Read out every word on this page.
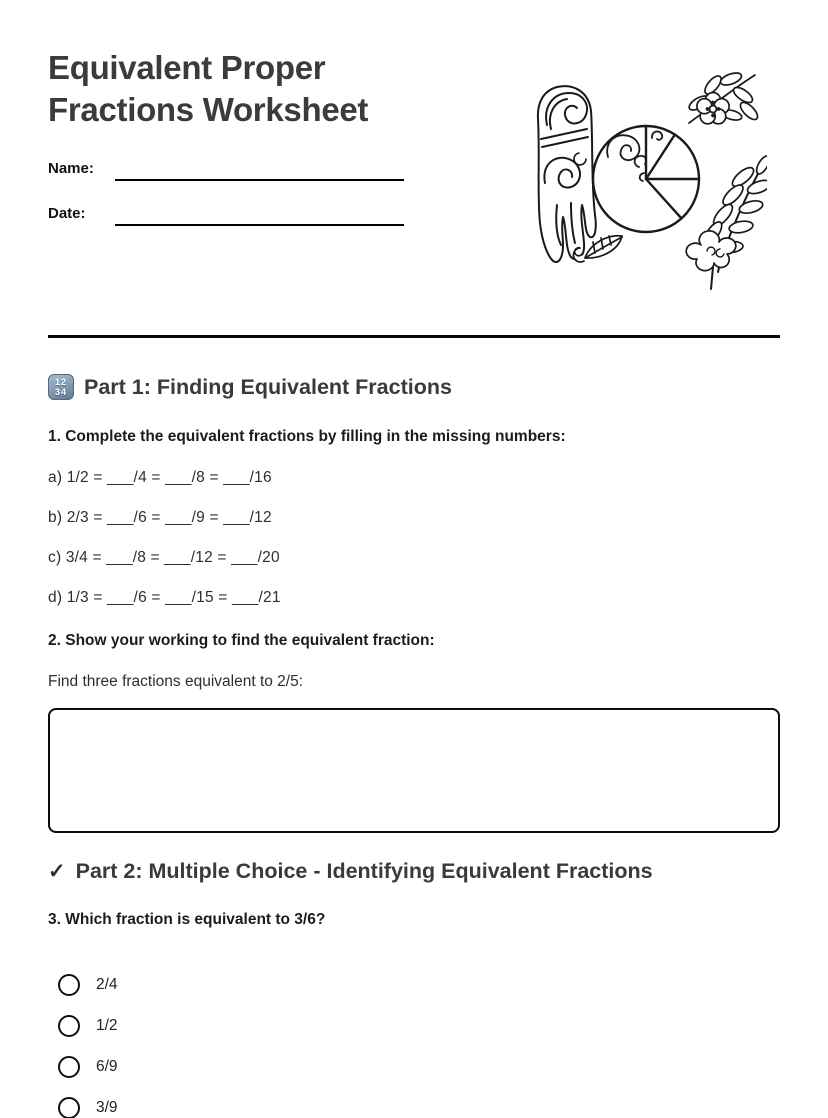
Equivalent Proper Fractions Worksheet
Name:
Date:
12
34 Part 1: Finding Equivalent Fractions

1. Complete the equivalent fractions by filling in the missing numbers:

a) 1/2 = ___/4 = ___/8 = ___/16

b) 2/3 = ___/6 = ___/9 = ___/12

c) 3/4 = ___/8 = ___/12 = ___/20

d) 1/3 = ___/6 = ___/15 = ___/21

2. Show your working to find the equivalent fraction:

Find three fractions equivalent to 2/5:

✓ Part 2: Multiple Choice - Identifying Equivalent Fractions

3. Which fraction is equivalent to 3/6?

2/4
1/2
6/9
3/9
